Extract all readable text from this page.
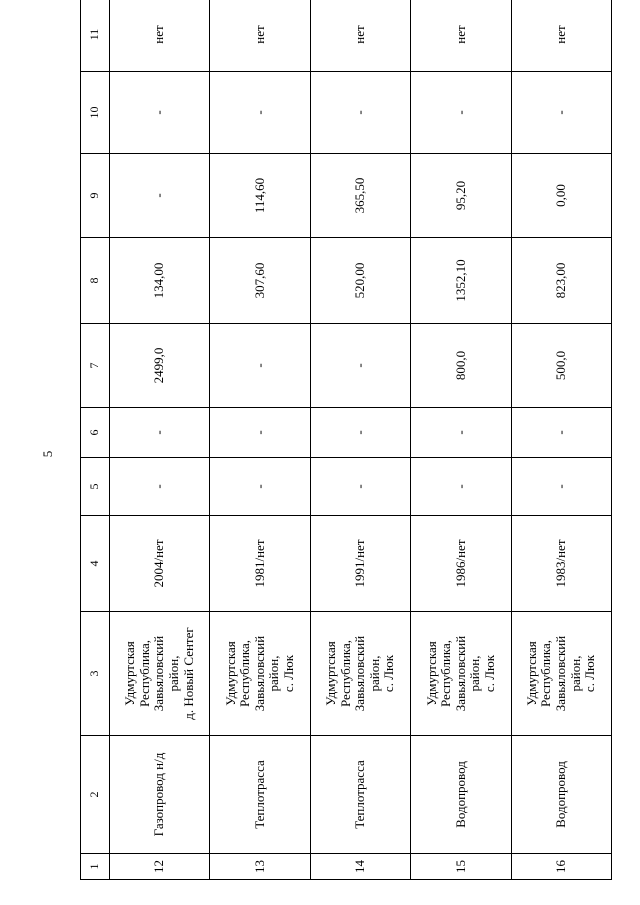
5
1	2	3	4	5	6	7	8	9	10	11
12	Газопровод н/д	Удмуртская
Республика,
Завьяловский
район,
д. Новый Сентег	2004/нет	-	-	2499,0	134,00	-	-	нет
13	Теплотрасса	Удмуртская
Республика,
Завьяловский
район,
с. Люк	1981/нет	-	-	-	307,60	114,60	-	нет
14	Теплотрасса	Удмуртская
Республика,
Завьяловский
район,
с. Люк	1991/нет	-	-	-	520,00	365,50	-	нет
15	Водопровод	Удмуртская
Республика,
Завьяловский
район,
с. Люк	1986/нет	-	-	800,0	1352,10	95,20	-	нет
16	Водопровод	Удмуртская
Республика,
Завьяловский
район,
с. Люк	1983/нет	-	-	500,0	823,00	0,00	-	нет
